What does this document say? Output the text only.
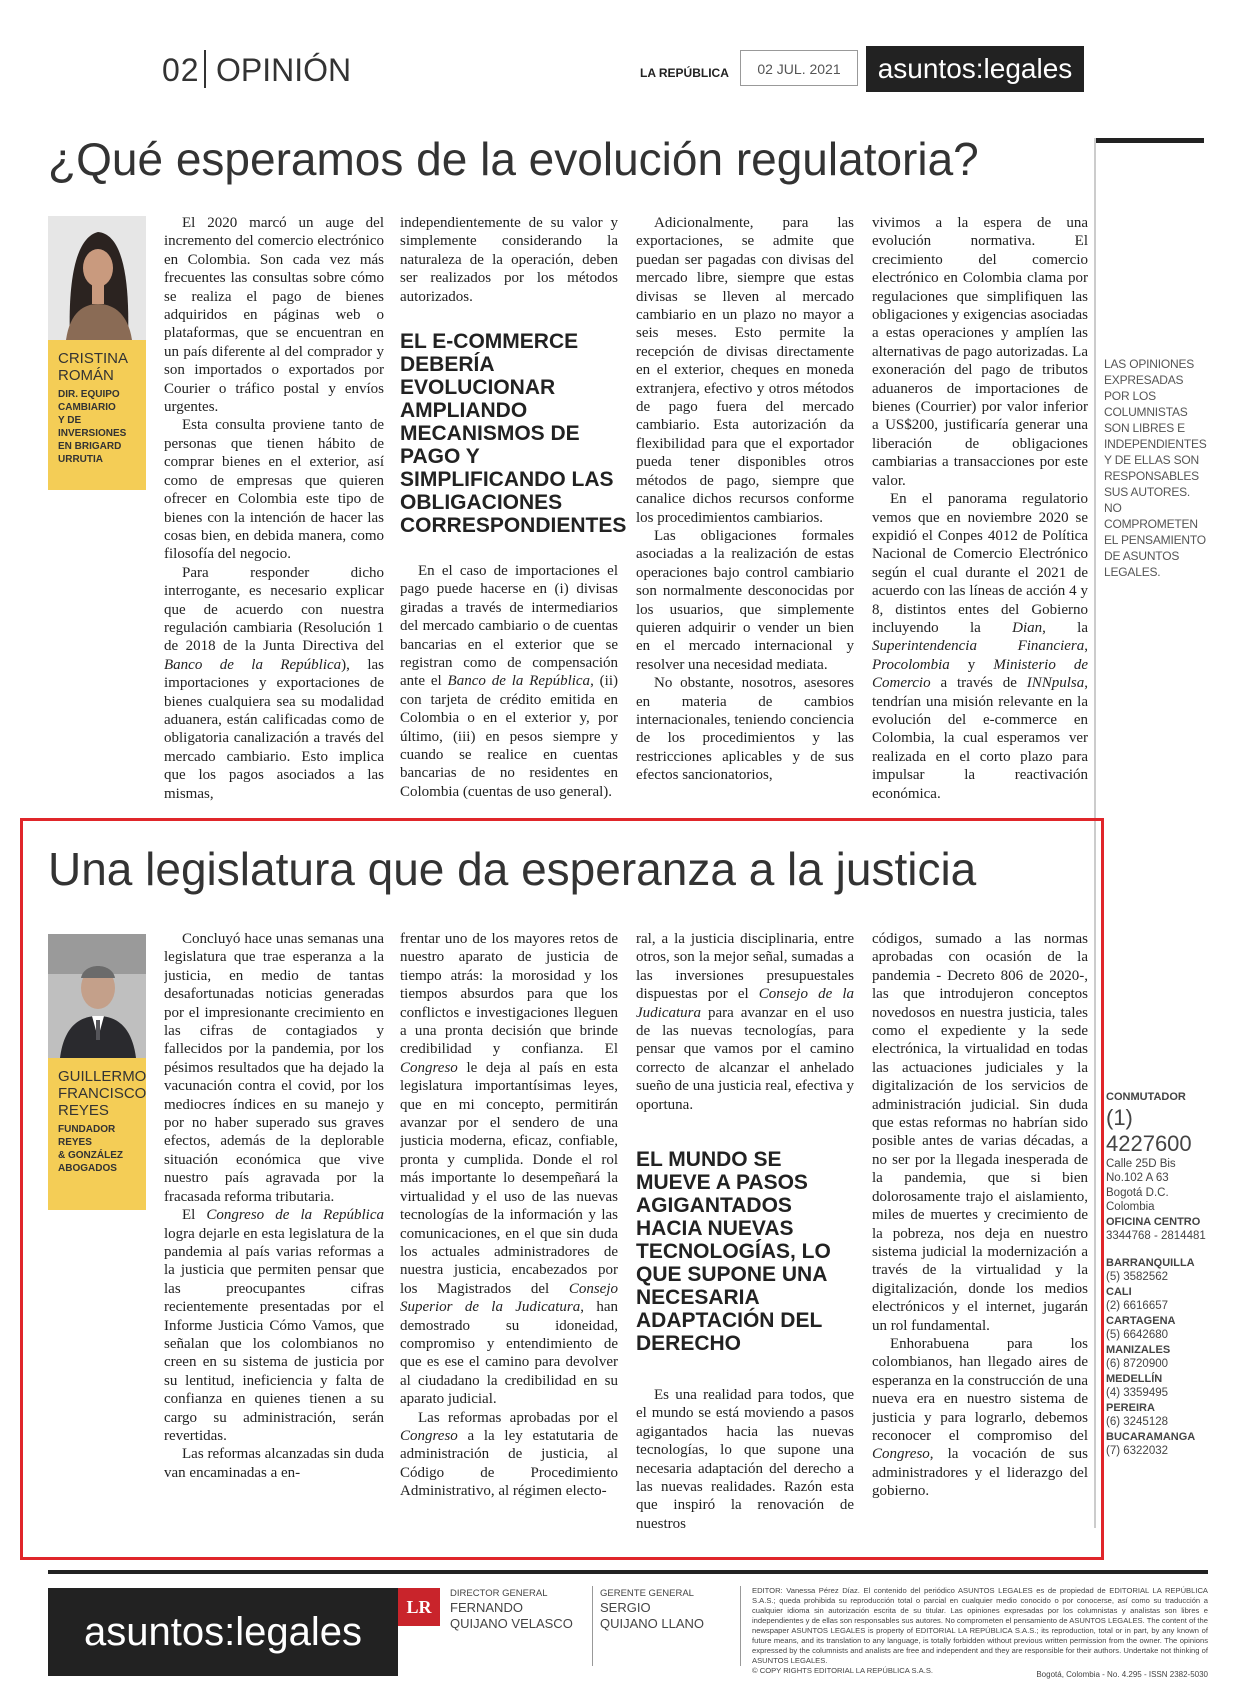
02 OPINIÓN	LA REPÚBLICA	02 JUL. 2021	asuntos:legales
LAS OPINIONES EXPRESADAS POR LOS COLUMNISTAS SON LIBRES E INDEPENDIENTES Y DE ELLAS SON RESPONSABLES SUS AUTORES. NO COMPROMETEN EL PENSAMIENTO DE ASUNTOS LEGALES.
¿Qué esperamos de la evolución regulatoria?
CRISTINA
ROMÁN
DIR. EQUIPO
CAMBIARIO
Y DE INVERSIONES
EN BRIGARD
URRUTIA

El 2020 marcó un auge del incremento del comercio electrónico en Colombia. Son cada vez más frecuentes las consultas sobre cómo se realiza el pago de bienes adquiridos en páginas web o plataformas, que se encuentran en un país diferente al del comprador y son importados o exportados por Courier o tráfico postal y envíos urgentes.

Esta consulta proviene tanto de personas que tienen hábito de comprar bienes en el exterior, así como de empresas que quieren ofrecer en Colombia este tipo de bienes con la intención de hacer las cosas bien, en debida manera, como filosofía del negocio.

Para responder dicho interrogante, es necesario explicar que de acuerdo con nuestra regulación cambiaria (Resolución 1 de 2018 de la Junta Directiva del Banco de la República), las importaciones y exportaciones de bienes cualquiera sea su modalidad aduanera, están calificadas como de obligatoria canalización a través del mercado cambiario. Esto implica que los pagos asociados a las mismas,

independientemente de su valor y simplemente considerando la naturaleza de la operación, deben ser realizados por los métodos autorizados.

EL E-COMMERCE DEBERÍA EVOLUCIONAR AMPLIANDO MECANISMOS DE PAGO Y SIMPLIFICANDO LAS OBLIGACIONES CORRESPONDIENTES

En el caso de importaciones el pago puede hacerse en (i) divisas giradas a través de intermediarios del mercado cambiario o de cuentas bancarias en el exterior que se registran como de compensación ante el Banco de la República, (ii) con tarjeta de crédito emitida en Colombia o en el exterior y, por último, (iii) en pesos siempre y cuando se realice en cuentas bancarias de no residentes en Colombia (cuentas de uso general).

Adicionalmente, para las exportaciones, se admite que puedan ser pagadas con divisas del mercado libre, siempre que estas divisas se lleven al mercado cambiario en un plazo no mayor a seis meses. Esto permite la recepción de divisas directamente en el exterior, cheques en moneda extranjera, efectivo y otros métodos de pago fuera del mercado cambiario. Esta autorización da flexibilidad para que el exportador pueda tener disponibles otros métodos de pago, siempre que canalice dichos recursos conforme los procedimientos cambiarios.

Las obligaciones formales asociadas a la realización de estas operaciones bajo control cambiario son normalmente desconocidas por los usuarios, que simplemente quieren adquirir o vender un bien en el mercado internacional y resolver una necesidad mediata.

No obstante, nosotros, asesores en materia de cambios internacionales, teniendo conciencia de los procedimientos y las restricciones aplicables y de sus efectos sancionatorios,

vivimos a la espera de una evolución normativa. El crecimiento del comercio electrónico en Colombia clama por regulaciones que simplifiquen las obligaciones y exigencias asociadas a estas operaciones y amplíen las alternativas de pago autorizadas. La exoneración del pago de tributos aduaneros de importaciones de bienes (Courrier) por valor inferior a US$200, justificaría generar una liberación de obligaciones cambiarias a transacciones por este valor.

En el panorama regulatorio vemos que en noviembre 2020 se expidió el Conpes 4012 de Política Nacional de Comercio Electrónico según el cual durante el 2021 de acuerdo con las líneas de acción 4 y 8, distintos entes del Gobierno incluyendo la Dian, la Superintendencia Financiera, Procolombia y Ministerio de Comercio a través de INNpulsa, tendrían una misión relevante en la evolución del e-commerce en Colombia, la cual esperamos ver realizada en el corto plazo para impulsar la reactivación económica.

Una legislatura que da esperanza a la justicia
GUILLERMO
FRANCISCO
REYES
FUNDADOR REYES
& GONZÁLEZ
ABOGADOS

Concluyó hace unas semanas una legislatura que trae esperanza a la justicia, en medio de tantas desafortunadas noticias generadas por el impresionante crecimiento en las cifras de contagiados y fallecidos por la pandemia, por los pésimos resultados que ha dejado la vacunación contra el covid, por los mediocres índices en su manejo y por no haber superado sus graves efectos, además de la deplorable situación económica que vive nuestro país agravada por la fracasada reforma tributaria.

El Congreso de la República logra dejarle en esta legislatura de la pandemia al país varias reformas a la justicia que permiten pensar que las preocupantes cifras recientemente presentadas por el Informe Justicia Cómo Vamos, que señalan que los colombianos no creen en su sistema de justicia por su lentitud, ineficiencia y falta de confianza en quienes tienen a su cargo su administración, serán revertidas.

Las reformas alcanzadas sin duda van encaminadas a en-

frentar uno de los mayores retos de nuestro aparato de justicia de tiempo atrás: la morosidad y los tiempos absurdos para que los conflictos e investigaciones lleguen a una pronta decisión que brinde credibilidad y confianza. El Congreso le deja al país en esta legislatura importantísimas leyes, que en mi concepto, permitirán avanzar por el sendero de una justicia moderna, eficaz, confiable, pronta y cumplida. Donde el rol más importante lo desempeñará la virtualidad y el uso de las nuevas tecnologías de la información y las comunicaciones, en el que sin duda los actuales administradores de nuestra justicia, encabezados por los Magistrados del Consejo Superior de la Judicatura, han demostrado su idoneidad, compromiso y entendimiento de que es ese el camino para devolver al ciudadano la credibilidad en su aparato judicial.

Las reformas aprobadas por el Congreso a la ley estatutaria de administración de justicia, al Código de Procedimiento Administrativo, al régimen electo-

ral, a la justicia disciplinaria, entre otros, son la mejor señal, sumadas a las inversiones presupuestales dispuestas por el Consejo de la Judicatura para avanzar en el uso de las nuevas tecnologías, para pensar que vamos por el camino correcto de alcanzar el anhelado sueño de una justicia real, efectiva y oportuna.

EL MUNDO SE MUEVE A PASOS AGIGANTADOS HACIA NUEVAS TECNOLOGÍAS, LO QUE SUPONE UNA NECESARIA ADAPTACIÓN DEL DERECHO

Es una realidad para todos, que el mundo se está moviendo a pasos agigantados hacia las nuevas tecnologías, lo que supone una necesaria adaptación del derecho a las nuevas realidades. Razón esta que inspiró la renovación de nuestros

códigos, sumado a las normas aprobadas con ocasión de la pandemia - Decreto 806 de 2020-, las que introdujeron conceptos novedosos en nuestra justicia, tales como el expediente y la sede electrónica, la virtualidad en todas las actuaciones judiciales y la digitalización de los servicios de administración judicial. Sin duda que estas reformas no habrían sido posible antes de varias décadas, a no ser por la llegada inesperada de la pandemia, que si bien dolorosamente trajo el aislamiento, miles de muertes y crecimiento de la pobreza, nos deja en nuestro sistema judicial la modernización a través de la virtualidad y la digitalización, donde los medios electrónicos y el internet, jugarán un rol fundamental.

Enhorabuena para los colombianos, han llegado aires de esperanza en la construcción de una nueva era en nuestro sistema de justicia y para lograrlo, debemos reconocer el compromiso del Congreso, la vocación de sus administradores y el liderazgo del gobierno.

CONMUTADOR
(1) 4227600
Calle 25D Bis
No.102 A 63
Bogotá D.C.
Colombia
OFICINA CENTRO
3344768 - 2814481
BARRANQUILLA
(5) 3582562
CALI
(2) 6616657
CARTAGENA
(5) 6642680
MANIZALES
(6) 8720900
MEDELLÍN
(4) 3359495
PEREIRA
(6) 3245128
BUCARAMANGA
(7) 6322032
asuntos:legales
LR
DIRECTOR GENERAL
FERNANDO
QUIJANO VELASCO
GERENTE GENERAL
SERGIO
QUIJANO LLANO
EDITOR: Vanessa Pérez Díaz. El contenido del periódico ASUNTOS LEGALES es de propiedad de EDITORIAL LA REPÚBLICA S.A.S.; queda prohibida su reproducción total o parcial en cualquier medio conocido o por conocerse, así como su traducción a cualquier idioma sin autorización escrita de su titular. Las opiniones expresadas por los columnistas y analistas son libres e independientes y de ellas son responsables sus autores. No comprometen el pensamiento de ASUNTOS LEGALES. The content of the newspaper ASUNTOS LEGALES is property of EDITORIAL LA REPÚBLICA S.A.S.; its reproduction, total or in part, by any known of future means, and its translation to any language, is totally forbidden without previous written permission from the owner. The opinions expressed by the columnists and analists are free and independent and they are responsible for their authors. Undertake not thinking of ASUNTOS LEGALES.
© COPY RIGHTS EDITORIAL LA REPÚBLICA S.A.S.	Bogotá, Colombia - No. 4.295 - ISSN 2382-5030
